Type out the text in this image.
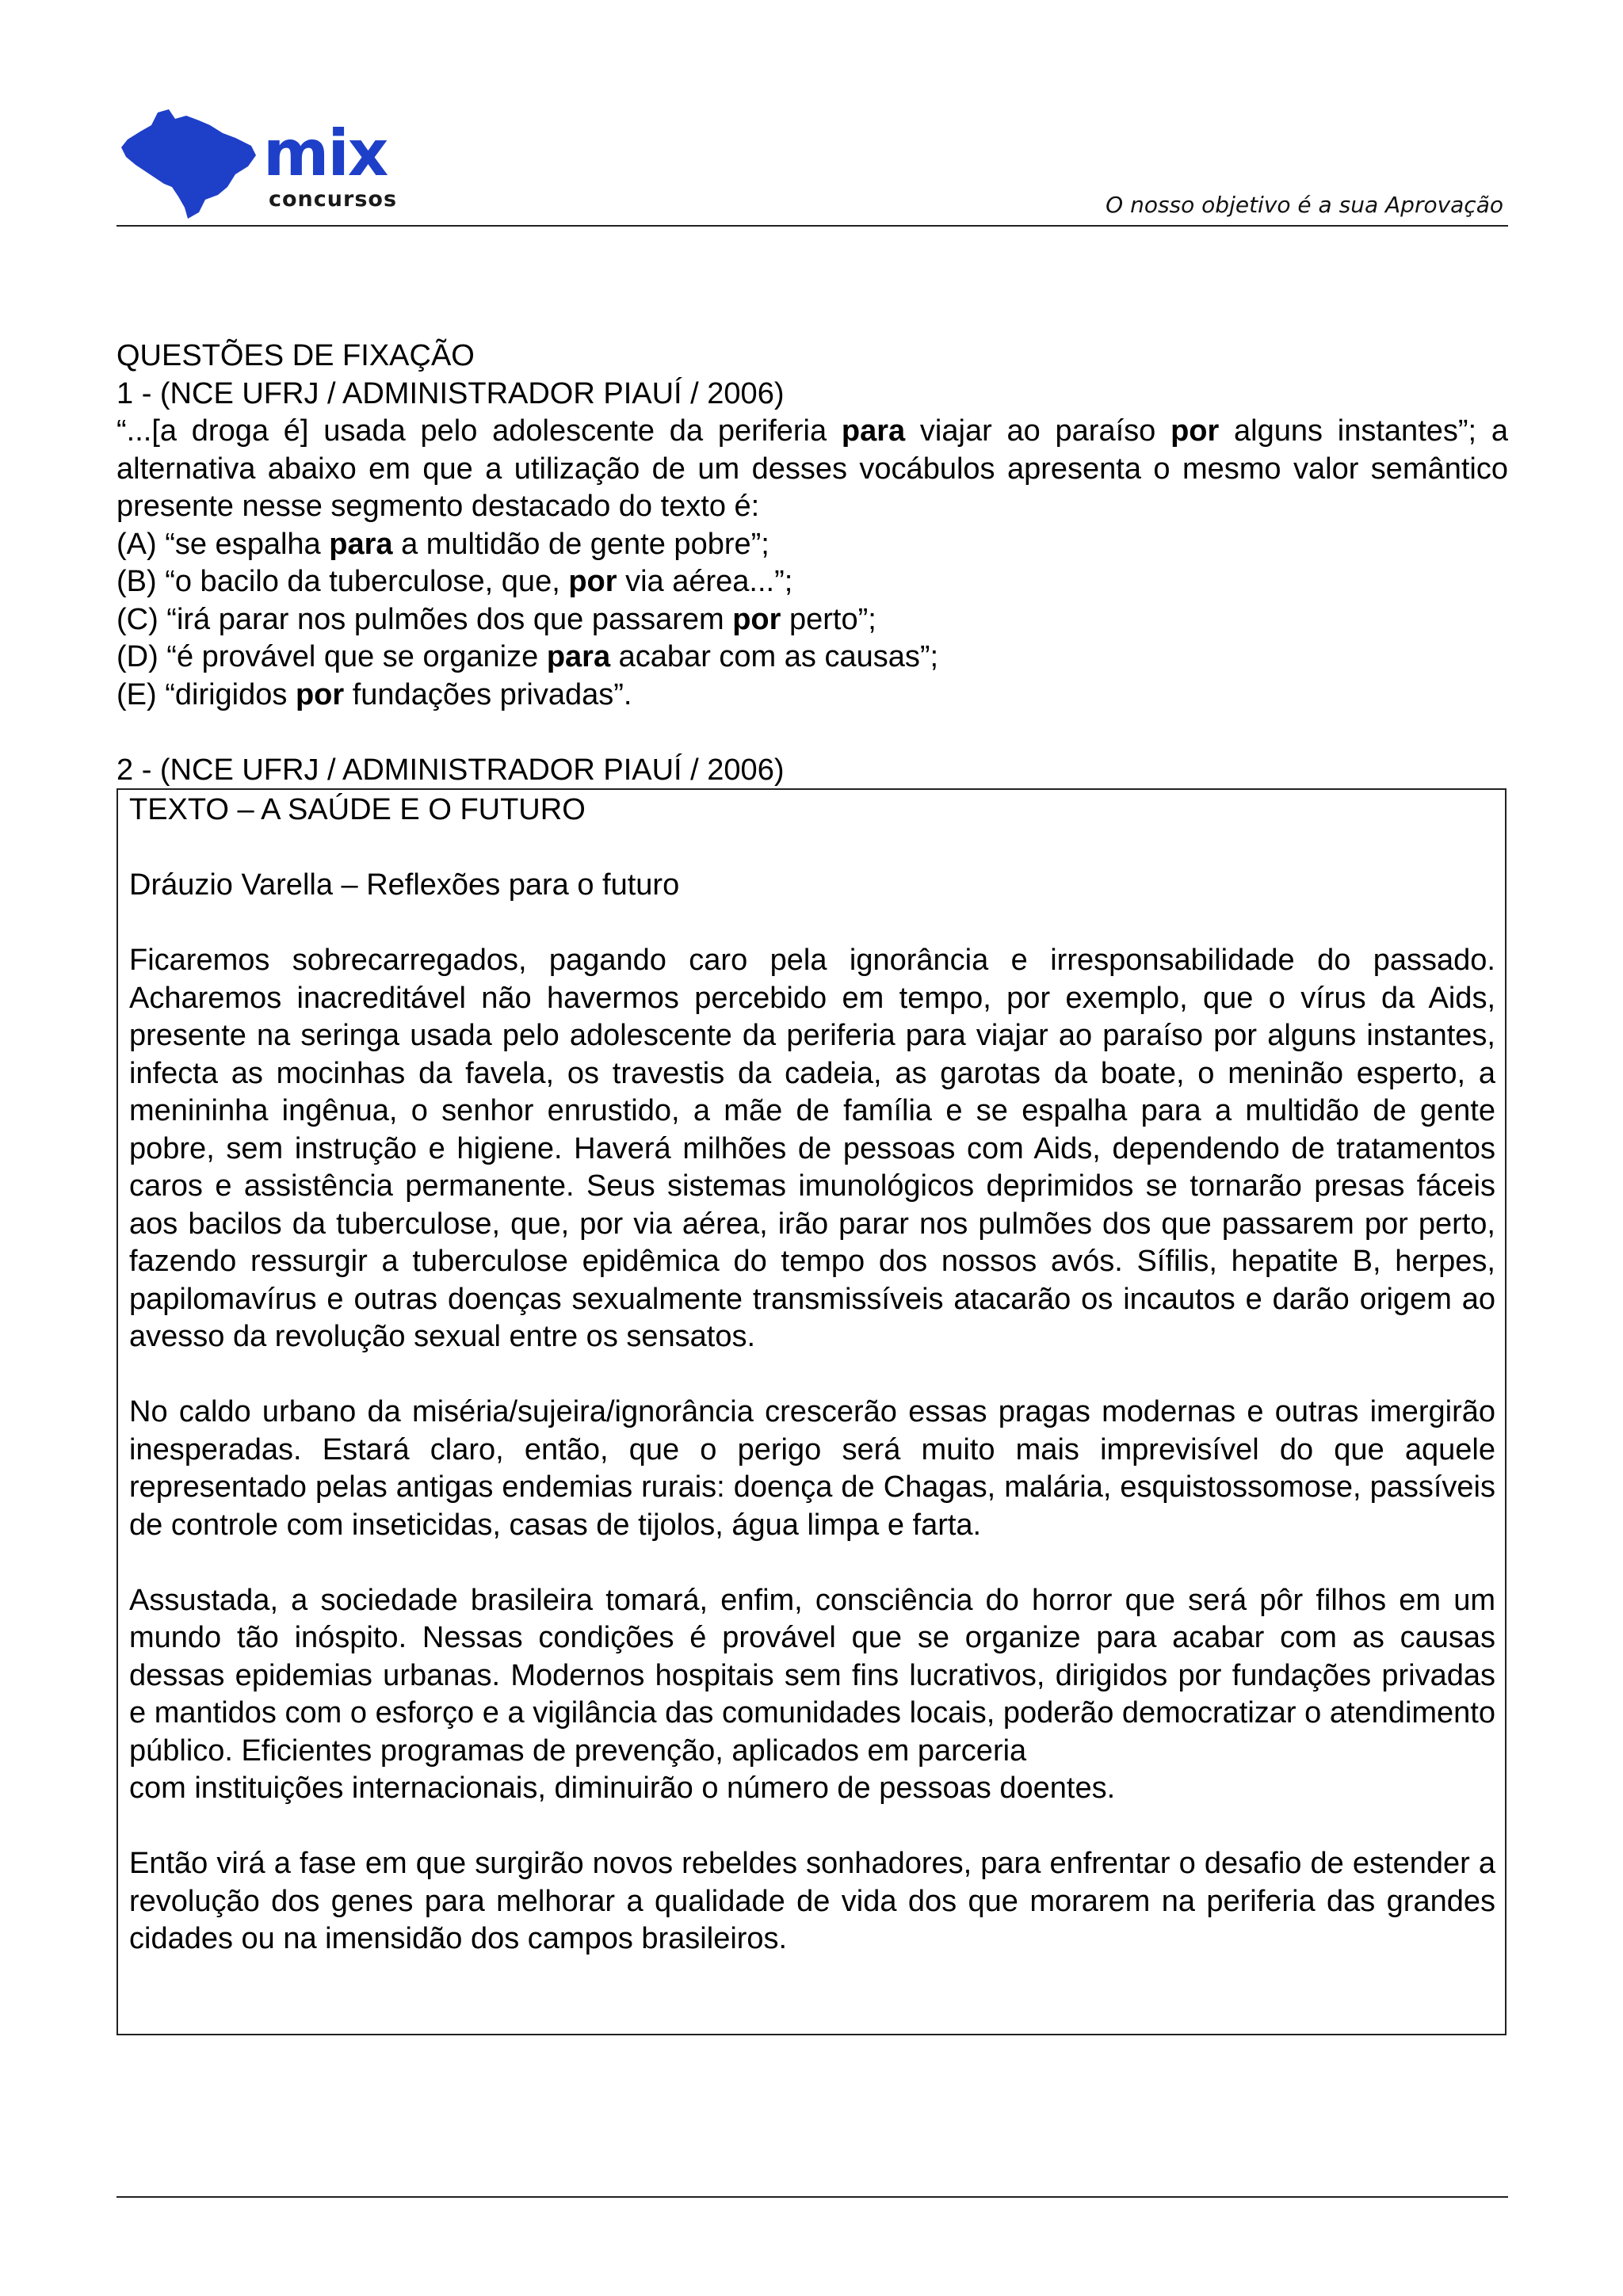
mix
concursos	O nosso objetivo é a sua Aprovação

QUESTÕES DE FIXAÇÃO

1 - (NCE UFRJ / ADMINISTRADOR PIAUÍ / 2006)

“...[a droga é] usada pelo adolescente da periferia para viajar ao paraíso por alguns instantes”; a alternativa abaixo em que a utilização de um desses vocábulos apresenta o mesmo valor semântico presente nesse segmento destacado do texto é:

(A) “se espalha para a multidão de gente pobre”;

(B) “o bacilo da tuberculose, que, por via aérea...”;

(C) “irá parar nos pulmões dos que passarem por perto”;

(D) “é provável que se organize para acabar com as causas”;

(E) “dirigidos por fundações privadas”.

2 - (NCE UFRJ / ADMINISTRADOR PIAUÍ / 2006)

TEXTO – A SAÚDE E O FUTURO

Dráuzio Varella – Reflexões para o futuro

Ficaremos sobrecarregados, pagando caro pela ignorância e irresponsabilidade do passado. Acharemos inacreditável não havermos percebido em tempo, por exemplo, que o vírus da Aids, presente na seringa usada pelo adolescente da periferia para viajar ao paraíso por alguns instantes, infecta as mocinhas da favela, os travestis da cadeia, as garotas da boate, o meninão esperto, a menininha ingênua, o senhor enrustido, a mãe de família e se espalha para a multidão de gente pobre, sem instrução e higiene. Haverá milhões de pessoas com Aids, dependendo de tratamentos caros e assistência permanente. Seus sistemas imunológicos deprimidos se tornarão presas fáceis aos bacilos da tuberculose, que, por via aérea, irão parar nos pulmões dos que passarem por perto, fazendo ressurgir a tuberculose epidêmica do tempo dos nossos avós. Sífilis, hepatite B, herpes, papilomavírus e outras doenças sexualmente transmissíveis atacarão os incautos e darão origem ao avesso da revolução sexual entre os sensatos.

No caldo urbano da miséria/sujeira/ignorância crescerão essas pragas modernas e outras imergirão inesperadas. Estará claro, então, que o perigo será muito mais imprevisível do que aquele representado pelas antigas endemias rurais: doença de Chagas, malária, esquistossomose, passíveis de controle com inseticidas, casas de tijolos, água limpa e farta.

Assustada, a sociedade brasileira tomará, enfim, consciência do horror que será pôr filhos em um mundo tão inóspito. Nessas condições é provável que se organize para acabar com as causas dessas epidemias urbanas. Modernos hospitais sem fins lucrativos, dirigidos por fundações privadas e mantidos com o esforço e a vigilância das comunidades locais, poderão democratizar o atendimento público. Eficientes programas de prevenção, aplicados em parceria

com instituições internacionais, diminuirão o número de pessoas doentes.

Então virá a fase em que surgirão novos rebeldes sonhadores, para enfrentar o desafio de estender a revolução dos genes para melhorar a qualidade de vida dos que morarem na periferia das grandes cidades ou na imensidão dos campos brasileiros.
